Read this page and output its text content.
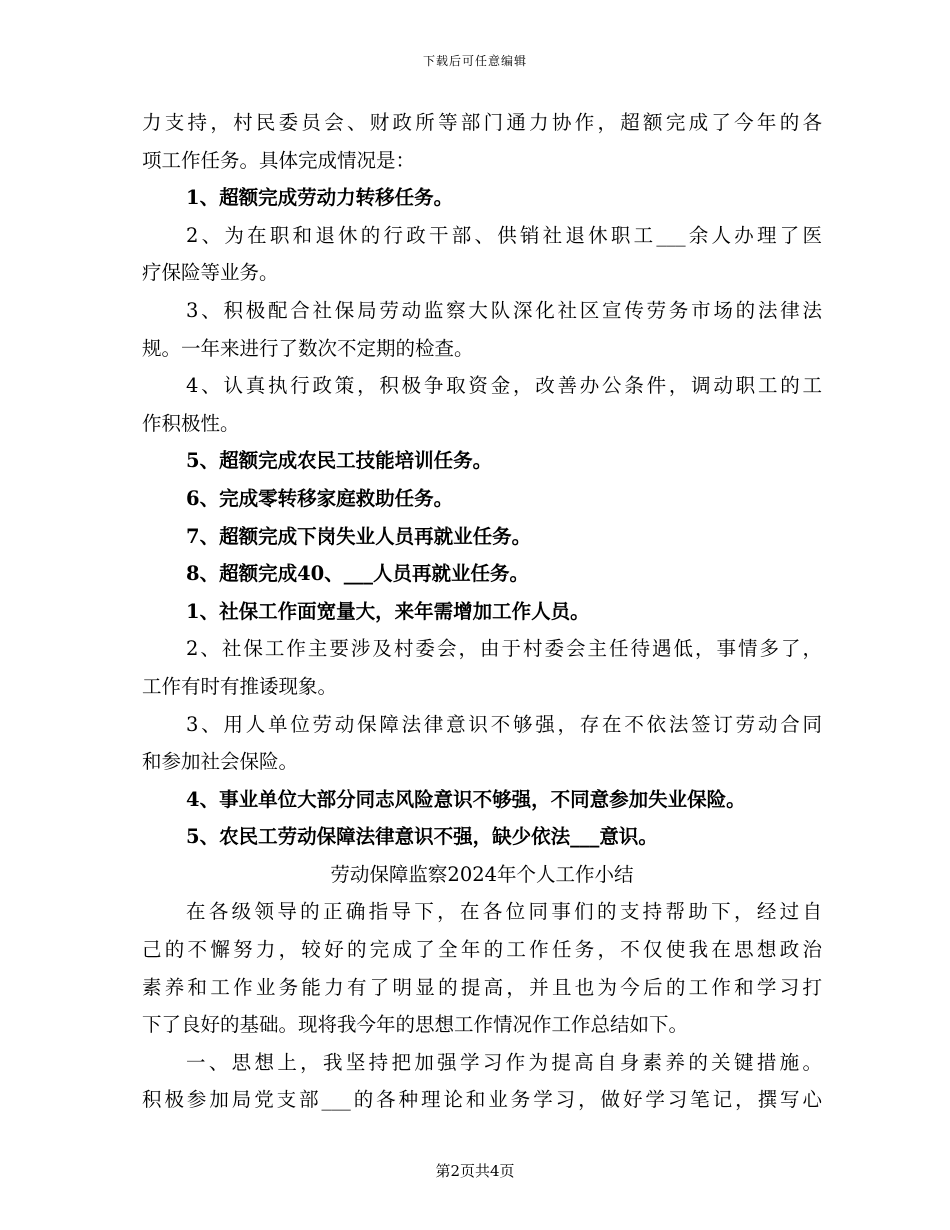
下载后可任意编辑
力支持，村民委员会、财政所等部门通力协作，超额完成了今年的各
项工作任务。具体完成情况是：
1、超额完成劳动力转移任务。
2、为在职和退休的行政干部、供销社退休职工___余人办理了医
疗保险等业务。
3、积极配合社保局劳动监察大队深化社区宣传劳务市场的法律法
规。一年来进行了数次不定期的检查。
4、认真执行政策，积极争取资金，改善办公条件，调动职工的工
作积极性。
5、超额完成农民工技能培训任务。
6、完成零转移家庭救助任务。
7、超额完成下岗失业人员再就业任务。
8、超额完成40、___人员再就业任务。
1、社保工作面宽量大，来年需增加工作人员。
2、社保工作主要涉及村委会，由于村委会主任待遇低，事情多了，
工作有时有推诿现象。
3、用人单位劳动保障法律意识不够强，存在不依法签订劳动合同
和参加社会保险。
4、事业单位大部分同志风险意识不够强，不同意参加失业保险。
5、农民工劳动保障法律意识不强，缺少依法___意识。
劳动保障监察2024年个人工作小结
在各级领导的正确指导下，在各位同事们的支持帮助下，经过自
己的不懈努力，较好的完成了全年的工作任务，不仅使我在思想政治
素养和工作业务能力有了明显的提高，并且也为今后的工作和学习打
下了良好的基础。现将我今年的思想工作情况作工作总结如下。
一、思想上，我坚持把加强学习作为提高自身素养的关键措施。
积极参加局党支部___的各种理论和业务学习，做好学习笔记，撰写心
第2页共4页
